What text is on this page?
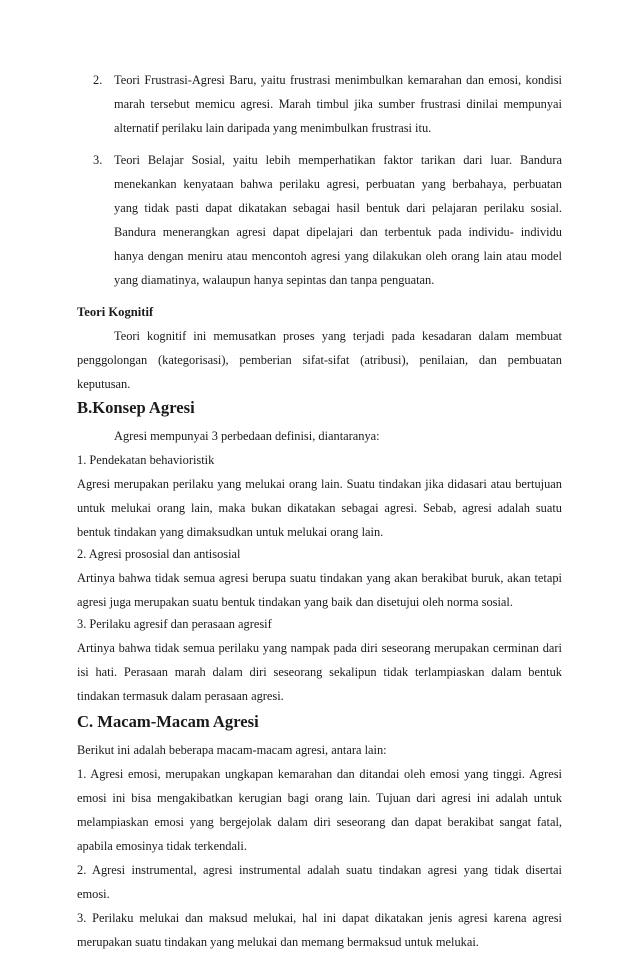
2. Teori Frustrasi-Agresi Baru, yaitu frustrasi menimbulkan kemarahan dan emosi, kondisi

marah tersebut memicu agresi. Marah timbul jika sumber frustrasi dinilai mempunyai

alternatif perilaku lain daripada yang menimbulkan frustrasi itu.

3. Teori Belajar Sosial, yaitu lebih memperhatikan faktor tarikan dari luar. Bandura

menekankan kenyataan bahwa perilaku agresi, perbuatan yang berbahaya, perbuatan

yang tidak pasti dapat dikatakan sebagai hasil bentuk dari pelajaran perilaku sosial.

Bandura menerangkan agresi dapat dipelajari dan terbentuk pada individu- individu

hanya dengan meniru atau mencontoh agresi yang dilakukan oleh orang lain atau model

yang diamatinya, walaupun hanya sepintas dan tanpa penguatan.

Teori Kognitif

Teori kognitif ini memusatkan proses yang terjadi pada kesadaran dalam membuat

penggolongan (kategorisasi), pemberian sifat-sifat (atribusi), penilaian, dan pembuatan

keputusan.

B.Konsep Agresi

Agresi mempunyai 3 perbedaan definisi, diantaranya:

1. Pendekatan behavioristik

Agresi merupakan perilaku yang melukai orang lain. Suatu tindakan jika didasari atau bertujuan

untuk melukai orang lain, maka bukan dikatakan sebagai agresi. Sebab, agresi adalah suatu

bentuk tindakan yang dimaksudkan untuk melukai orang lain.

2. Agresi prososial dan antisosial

Artinya bahwa tidak semua agresi berupa suatu tindakan yang akan berakibat buruk, akan tetapi

agresi juga merupakan suatu bentuk tindakan yang baik dan disetujui oleh norma sosial.

3. Perilaku agresif dan perasaan agresif

Artinya bahwa tidak semua perilaku yang nampak pada diri seseorang merupakan cerminan dari

isi hati. Perasaan marah dalam diri seseorang sekalipun tidak terlampiaskan dalam bentuk

tindakan termasuk dalam perasaan agresi.

C. Macam-Macam Agresi

Berikut ini adalah beberapa macam-macam agresi, antara lain:

1. Agresi emosi, merupakan ungkapan kemarahan dan ditandai oleh emosi yang tinggi. Agresi

emosi ini bisa mengakibatkan kerugian bagi orang lain. Tujuan dari agresi ini adalah untuk

melampiaskan emosi yang bergejolak dalam diri seseorang dan dapat berakibat sangat fatal,

apabila emosinya tidak terkendali.

2. Agresi instrumental, agresi instrumental adalah suatu tindakan agresi yang tidak disertai

emosi.

3. Perilaku melukai dan maksud melukai, hal ini dapat dikatakan jenis agresi karena agresi

merupakan suatu tindakan yang melukai dan memang bermaksud untuk melukai.
